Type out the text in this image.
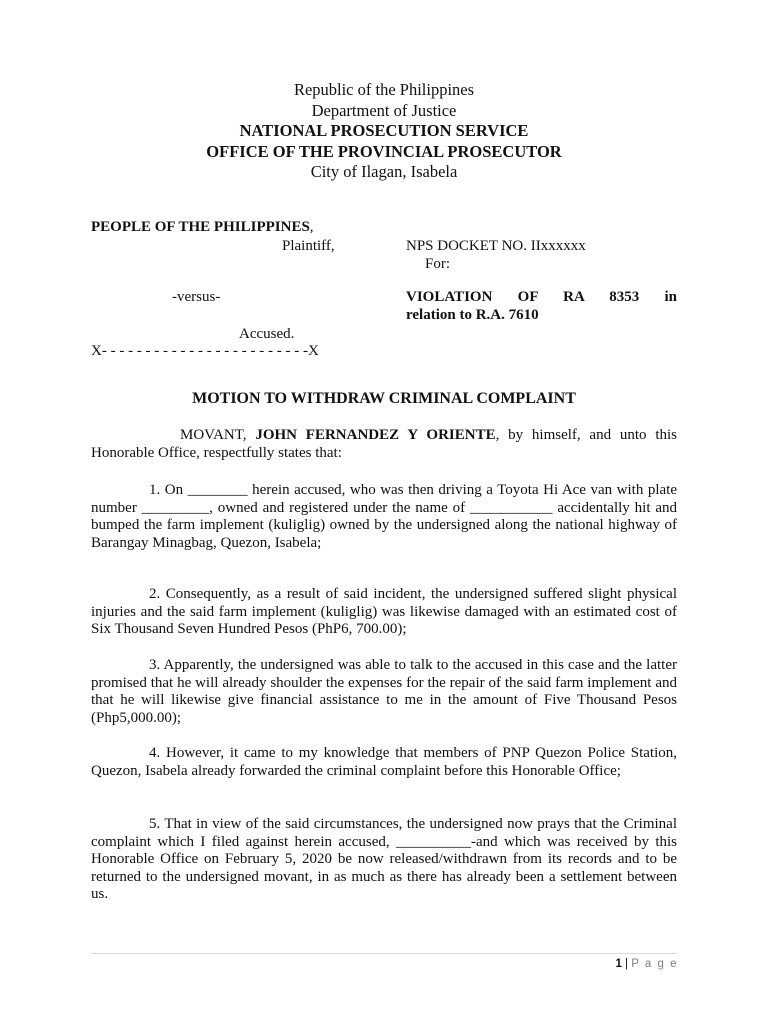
Republic of the Philippines
Department of Justice
NATIONAL PROSECUTION SERVICE
OFFICE OF THE PROVINCIAL PROSECUTOR
City of Ilagan, Isabela
PEOPLE OF THE PHILIPPINES,
Plaintiff,	NPS DOCKET NO. IIxxxxxx
For:
-versus-	VIOLATION OF RA 8353 in
relation to R.A. 7610
Accused.
X- - - - - - - - - - - - - - - - - - - - - - - -X
MOTION TO WITHDRAW CRIMINAL COMPLAINT

MOVANT, JOHN FERNANDEZ Y ORIENTE, by himself, and unto this Honorable Office, respectfully states that:

1. On ________ herein accused, who was then driving a Toyota Hi Ace van with plate number _________, owned and registered under the name of ___________ accidentally hit and bumped the farm implement (kuliglig) owned by the undersigned along the national highway of Barangay Minagbag, Quezon, Isabela;

2. Consequently, as a result of said incident, the undersigned suffered slight physical injuries and the said farm implement (kuliglig) was likewise damaged with an estimated cost of Six Thousand Seven Hundred Pesos (PhP6, 700.00);

3. Apparently, the undersigned was able to talk to the accused in this case and the latter promised that he will already shoulder the expenses for the repair of the said farm implement and that he will likewise give financial assistance to me in the amount of Five Thousand Pesos (Php5,000.00);

4. However, it came to my knowledge that members of PNP Quezon Police Station, Quezon, Isabela already forwarded the criminal complaint before this Honorable Office;

5. That in view of the said circumstances, the undersigned now prays that the Criminal complaint which I filed against herein accused, __________-and which was received by this Honorable Office on February 5, 2020 be now released/withdrawn from its records and to be returned to the undersigned movant, in as much as there has already been a settlement between us.

1 | P a g e
